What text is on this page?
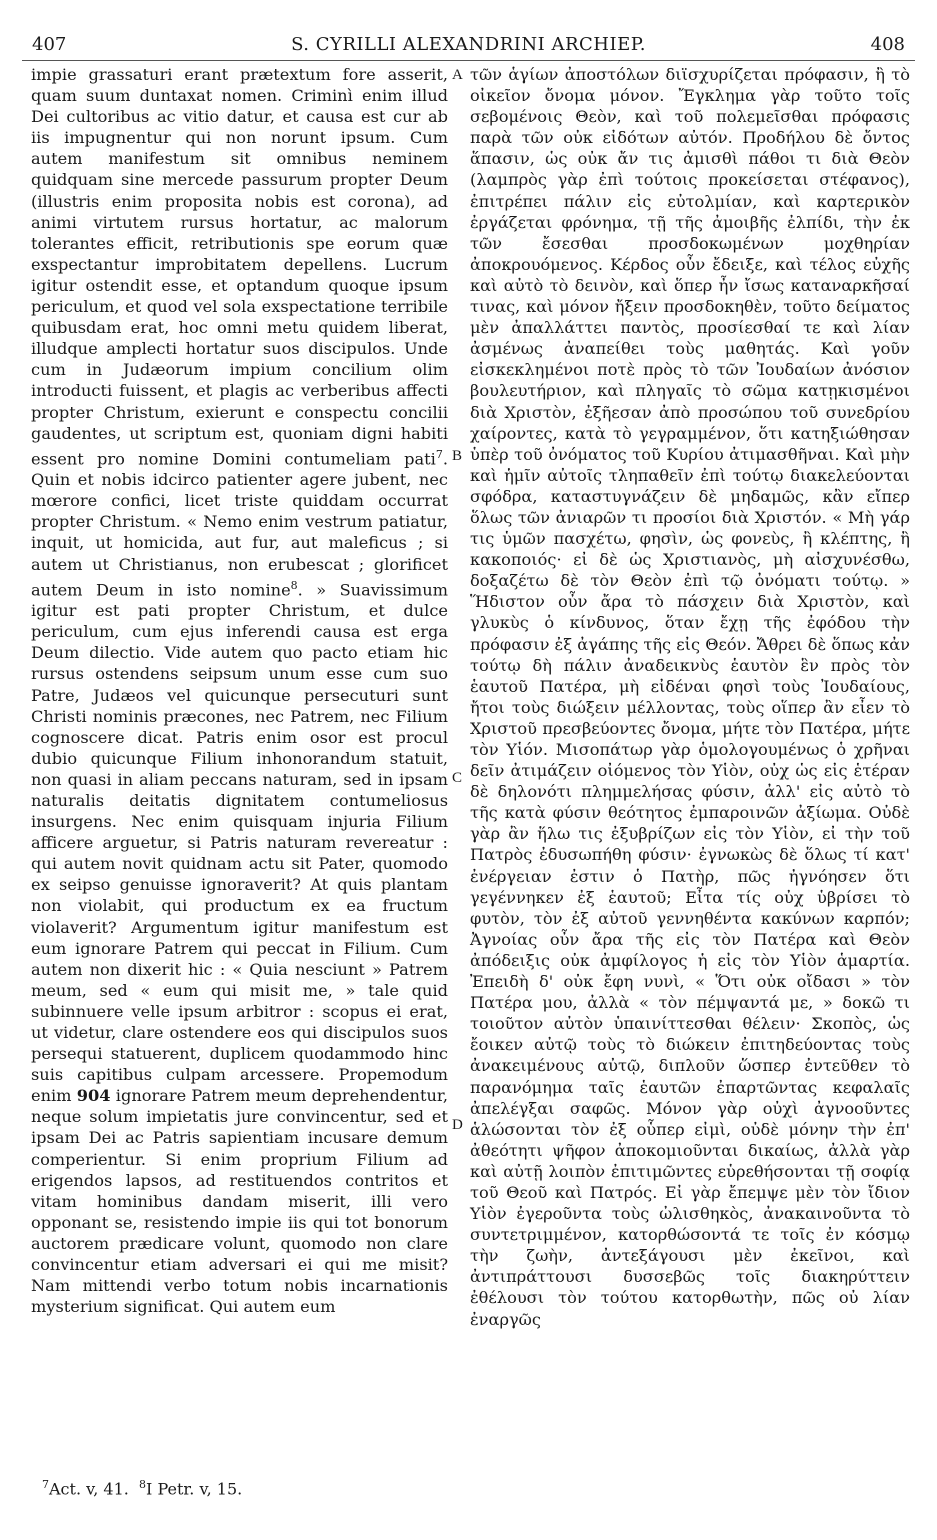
407	S. CYRILLI ALEXANDRINI ARCHIEP.	408

impie grassaturi erant prætextum fore asserit, quam suum duntaxat nomen. Criminì enim illud Dei cultoribus ac vitio datur, et causa est cur ab iis impugnentur qui non norunt ipsum. Cum autem manifestum sit omnibus neminem quidquam sine mercede passurum propter Deum (illustris enim proposita nobis est corona), ad animi virtutem rursus hortatur, ac malorum tolerantes efficit, retributionis spe eorum quæ exspectantur improbitatem depellens. Lucrum igitur ostendit esse, et optandum quoque ipsum periculum, et quod vel sola exspectatione terribile quibusdam erat, hoc omni metu quidem liberat, illudque amplecti hortatur suos discipulos. Unde cum in Judæorum impium concilium olim introducti fuissent, et plagis ac verberibus affecti propter Christum, exierunt e conspectu concilii gaudentes, ut scriptum est, quoniam digni habiti essent pro nomine Domini contumeliam pati$^7$. Quin et nobis idcirco patienter agere jubent, nec mœrore confici, licet triste quiddam occurrat propter Christum. « Nemo enim vestrum patiatur, inquit, ut homicida, aut fur, aut maleficus ; si autem ut Christianus, non erubescat ; glorificet autem Deum in isto nomine$^8$. » Suavissimum igitur est pati propter Christum, et dulce periculum, cum ejus inferendi causa est erga Deum dilectio. Vide autem quo pacto etiam hic rursus ostendens seipsum unum esse cum suo Patre, Judæos vel quicunque persecuturi sunt Christi nominis præcones, nec Patrem, nec Filium cognoscere dicat. Patris enim osor est procul dubio quicunque Filium inhonorandum statuit, non quasi in aliam peccans naturam, sed in ipsam naturalis deitatis dignitatem contumeliosus insurgens. Nec enim quisquam injuria Filium afficere arguetur, si Patris naturam revereatur : qui autem novit quidnam actu sit Pater, quomodo ex seipso genuisse ignoraverit? At quis plantam non violabit, qui productum ex ea fructum violaverit? Argumentum igitur manifestum est eum ignorare Patrem qui peccat in Filium. Cum autem non dixerit hic : « Quia nesciunt » Patrem meum, sed « eum qui misit me, » tale quid subinnuere velle ipsum arbitror : scopus ei erat, ut videtur, clare ostendere eos qui discipulos suos persequi statuerent, duplicem quodammodo hinc suis capitibus culpam arcessere. Propemodum enim 904 ignorare Patrem meum deprehendentur, neque solum impietatis jure convincentur, sed et ipsam Dei ac Patris sapientiam incusare demum comperientur. Si enim proprium Filium ad erigendos lapsos, ad restituendos contritos et vitam hominibus dandam miserit, illi vero opponant se, resistendo impie iis qui tot bonorum auctorem prædicare volunt, quomodo non clare convincentur etiam adversari ei qui me misit? Nam mittendi verbo totum nobis incarnationis mysterium significat. Qui autem eum

A
B
C
D

τῶν ἁγίων ἀποστόλων διϊσχυρίζεται πρόφασιν, ἢ τὸ οἰκεῖον ὄνομα μόνον. Ἔγκλημα γὰρ τοῦτο τοῖς σεβομένοις Θεὸν, καὶ τοῦ πολεμεῖσθαι πρόφασις παρὰ τῶν οὐκ εἰδότων αὐτόν. Προδήλου δὲ ὄντος ἅπασιν, ὡς οὐκ ἄν τις ἀμισθὶ πάθοι τι διὰ Θεὸν (λαμπρὸς γὰρ ἐπὶ τούτοις προκείσεται στέφανος), ἐπιτρέπει πάλιν εἰς εὐτολμίαν, καὶ καρτερικὸν ἐργάζεται φρόνημα, τῇ τῆς ἀμοιβῆς ἐλπίδι, τὴν ἐκ τῶν ἔσεσθαι προσδοκωμένων μοχθηρίαν ἀποκρουόμενος. Κέρδος οὖν ἔδειξε, καὶ τέλος εὐχῆς καὶ αὐτὸ τὸ δεινὸν, καὶ ὅπερ ἦν ἴσως καταναρκῆσαί τινας, καὶ μόνον ἤξειν προσδοκηθὲν, τοῦτο δείματος μὲν ἀπαλλάττει παντὸς, προσίεσθαί τε καὶ λίαν ἀσμένως ἀναπείθει τοὺς μαθητάς. Καὶ γοῦν εἰσκεκλημένοι ποτὲ πρὸς τὸ τῶν Ἰουδαίων ἀνόσιον βουλευτήριον, καὶ πληγαῖς τὸ σῶμα κατῃκισμένοι διὰ Χριστὸν, ἐξῆεσαν ἀπὸ προσώπου τοῦ συνεδρίου χαίροντες, κατὰ τὸ γεγραμμένον, ὅτι κατηξιώθησαν ὑπὲρ τοῦ ὀνόματος τοῦ Κυρίου ἀτιμασθῆναι. Καὶ μὴν καὶ ἡμῖν αὐτοῖς τληπαθεῖν ἐπὶ τούτῳ διακελεύονται σφόδρα, καταστυγνάζειν δὲ μηδαμῶς, κἂν εἴπερ ὅλως τῶν ἀνιαρῶν τι προσίοι διὰ Χριστόν. « Μὴ γάρ τις ὑμῶν πασχέτω, φησὶν, ὡς φονεὺς, ἢ κλέπτης, ἢ κακοποιός· εἰ δὲ ὡς Χριστιανὸς, μὴ αἰσχυνέσθω, δοξαζέτω δὲ τὸν Θεὸν ἐπὶ τῷ ὀνόματι τούτῳ. » Ἥδιστον οὖν ἄρα τὸ πάσχειν διὰ Χριστὸν, καὶ γλυκὺς ὁ κίνδυνος, ὅταν ἔχῃ τῆς ἐφόδου τὴν πρόφασιν ἐξ ἀγάπης τῆς εἰς Θεόν. Ἄθρει δὲ ὅπως κἀν τούτῳ δὴ πάλιν ἀναδεικνὺς ἑαυτὸν ἓν πρὸς τὸν ἑαυτοῦ Πατέρα, μὴ εἰδέναι φησὶ τοὺς Ἰουδαίους, ἤτοι τοὺς διώξειν μέλλοντας, τοὺς οἵπερ ἂν εἶεν τὸ Χριστοῦ πρεσβεύοντες ὄνομα, μήτε τὸν Πατέρα, μήτε τὸν Υἱόν. Μισοπάτωρ γὰρ ὁμολογουμένως ὁ χρῆναι δεῖν ἀτιμάζειν οἰόμενος τὸν Υἱὸν, οὐχ ὡς εἰς ἑτέραν δὲ δηλονότι πλημμελήσας φύσιν, ἀλλ' εἰς αὐτὸ τὸ τῆς κατὰ φύσιν θεότητος ἐμπαροινῶν ἀξίωμα. Οὐδὲ γὰρ ἂν ἥλω τις ἐξυβρίζων εἰς τὸν Υἱὸν, εἰ τὴν τοῦ Πατρὸς ἐδυσωπήθη φύσιν· ἐγνωκὼς δὲ ὅλως τί κατ' ἐνέργειαν ἐστιν ὁ Πατὴρ, πῶς ἠγνόησεν ὅτι γεγέννηκεν ἐξ ἑαυτοῦ; Εἶτα τίς οὐχ ὑβρίσει τὸ φυτὸν, τὸν ἐξ αὐτοῦ γεννηθέντα κακύνων καρπόν; Ἀγνοίας οὖν ἄρα τῆς εἰς τὸν Πατέρα καὶ Θεὸν ἀπόδειξις οὐκ ἀμφίλογος ἡ εἰς τὸν Υἱὸν ἁμαρτία. Ἐπειδὴ δ' οὐκ ἔφη νυνὶ, « Ὅτι οὐκ οἴδασι » τὸν Πατέρα μου, ἀλλὰ « τὸν πέμψαντά με, » δοκῶ τι τοιοῦτον αὐτὸν ὑπαινίττεσθαι θέλειν· Σκοπὸς, ὡς ἔοικεν αὐτῷ τοὺς τὸ διώκειν ἐπιτηδεύοντας τοὺς ἀνακειμένους αὐτῷ, διπλοῦν ὥσπερ ἐντεῦθεν τὸ παρανόμημα ταῖς ἑαυτῶν ἐπαρτῶντας κεφαλαῖς ἀπελέγξαι σαφῶς. Μόνον γὰρ οὐχὶ ἀγνοοῦντες ἁλώσονται τὸν ἐξ οὗπερ εἰμὶ, οὐδὲ μόνην τὴν ἐπ' ἀθεότητι ψῆφον ἀποκομιοῦνται δικαίως, ἀλλὰ γὰρ καὶ αὐτῇ λοιπὸν ἐπιτιμῶντες εὑρεθήσονται τῇ σοφίᾳ τοῦ Θεοῦ καὶ Πατρός. Εἰ γὰρ ἔπεμψε μὲν τὸν ἴδιον Υἱὸν ἐγεροῦντα τοὺς ὠλισθηκὸς, ἀνακαινοῦντα τὸ συντετριμμένον, κατορθώσοντά τε τοῖς ἐν κόσμῳ τὴν ζωὴν, ἀντεξάγουσι μὲν ἐκεῖνοι, καὶ ἀντιπράττουσι δυσσεβῶς τοῖς διακηρύττειν ἐθέλουσι τὸν τούτου κατορθωτὴν, πῶς οὐ λίαν ἐναργῶς

$^7$Act. v, 41. $^8$I Petr. v, 15.
